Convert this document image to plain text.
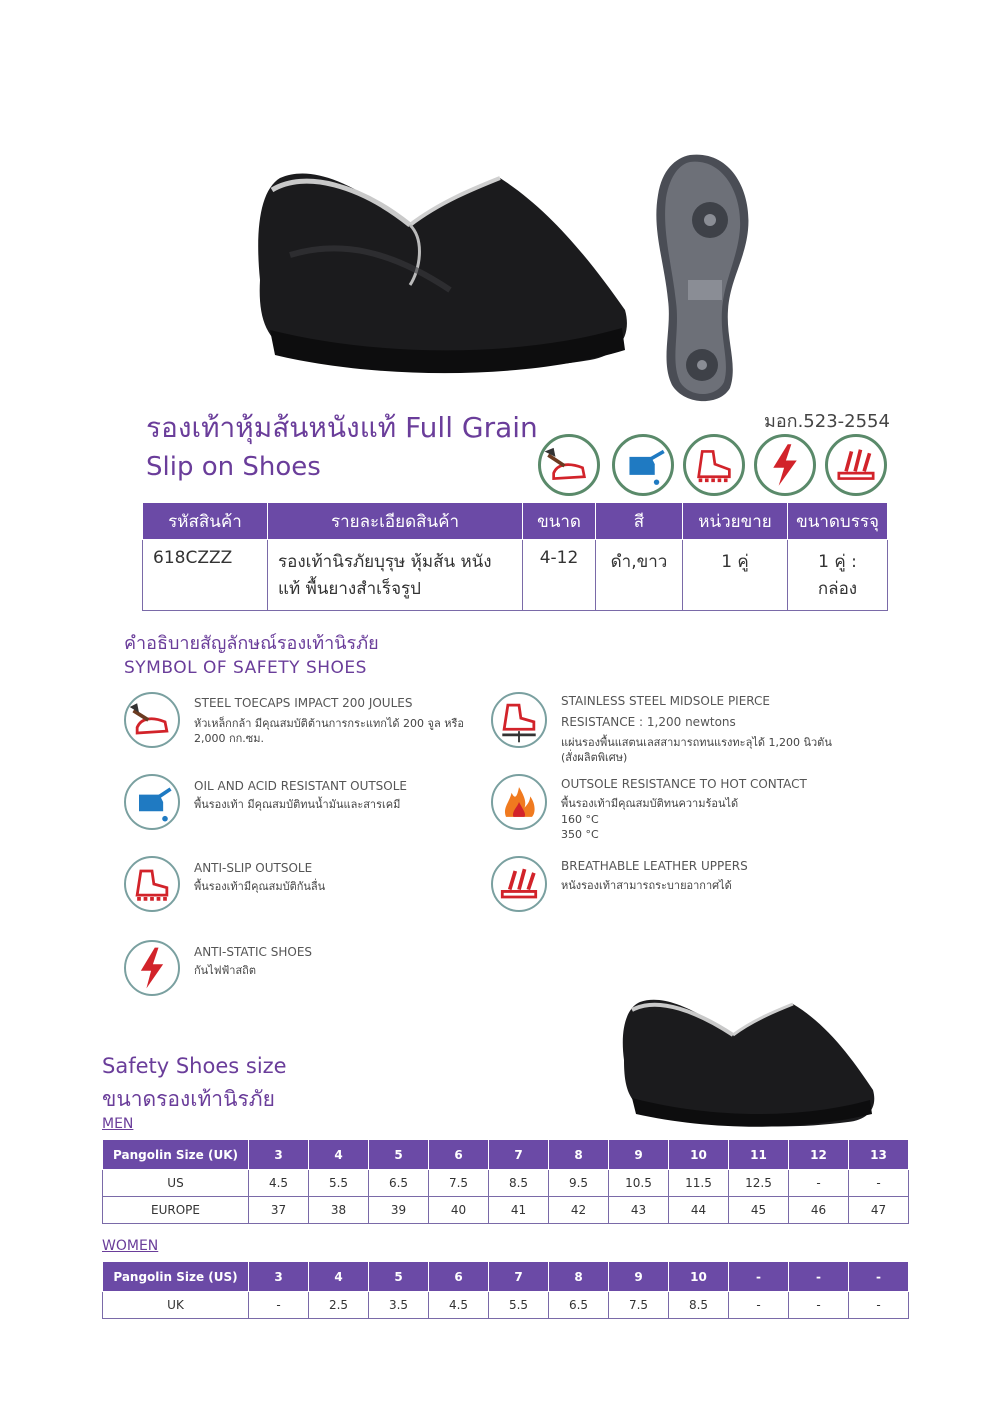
รองเท้าหุ้มส้นหนังแท้ Full Grain
Slip on Shoes
มอก.523-2554
รหัสสินค้า	รายละเอียดสินค้า	ขนาด	สี	หน่วยขาย	ขนาดบรรจุ
618CZZZ	รองเท้านิรภัยบุรุษ หุ้มส้น หนังแท้ พื้นยางสำเร็จรูป	4-12	ดำ,ขาว	1 คู่	1 คู่ : กล่อง
คำอธิบายสัญลักษณ์รองเท้านิรภัย
SYMBOL OF SAFETY SHOES
STEEL TOECAPS IMPACT 200 JOULES
หัวเหล็กกล้า มีคุณสมบัติต้านการกระแทกได้ 200 จูล หรือ 2,000 กก.ซม.
OIL AND ACID RESISTANT OUTSOLE
พื้นรองเท้า มีคุณสมบัติทนน้ำมันและสารเคมี
ANTI-SLIP OUTSOLE
พื้นรองเท้ามีคุณสมบัติกันลื่น
ANTI-STATIC SHOES
กันไฟฟ้าสถิต
STAINLESS STEEL MIDSOLE PIERCE
RESISTANCE : 1,200 newtons
แผ่นรองพื้นแสตนเลสสามารถทนแรงทะลุได้ 1,200 นิวตัน (สั่งผลิตพิเศษ)
OUTSOLE RESISTANCE TO HOT CONTACT
พื้นรองเท้ามีคุณสมบัติทนความร้อนได้
160 °C
350 °C
BREATHABLE LEATHER UPPERS
หนังรองเท้าสามารถระบายอากาศได้
Safety Shoes size
ขนาดรองเท้านิรภัย
MEN
Pangolin Size (UK)	3	4	5	6	7	8	9	10	11	12	13
US	4.5	5.5	6.5	7.5	8.5	9.5	10.5	11.5	12.5	-	-
EUROPE	37	38	39	40	41	42	43	44	45	46	47
WOMEN
Pangolin Size (US)	3	4	5	6	7	8	9	10	-	-	-
UK	-	2.5	3.5	4.5	5.5	6.5	7.5	8.5	-	-	-
